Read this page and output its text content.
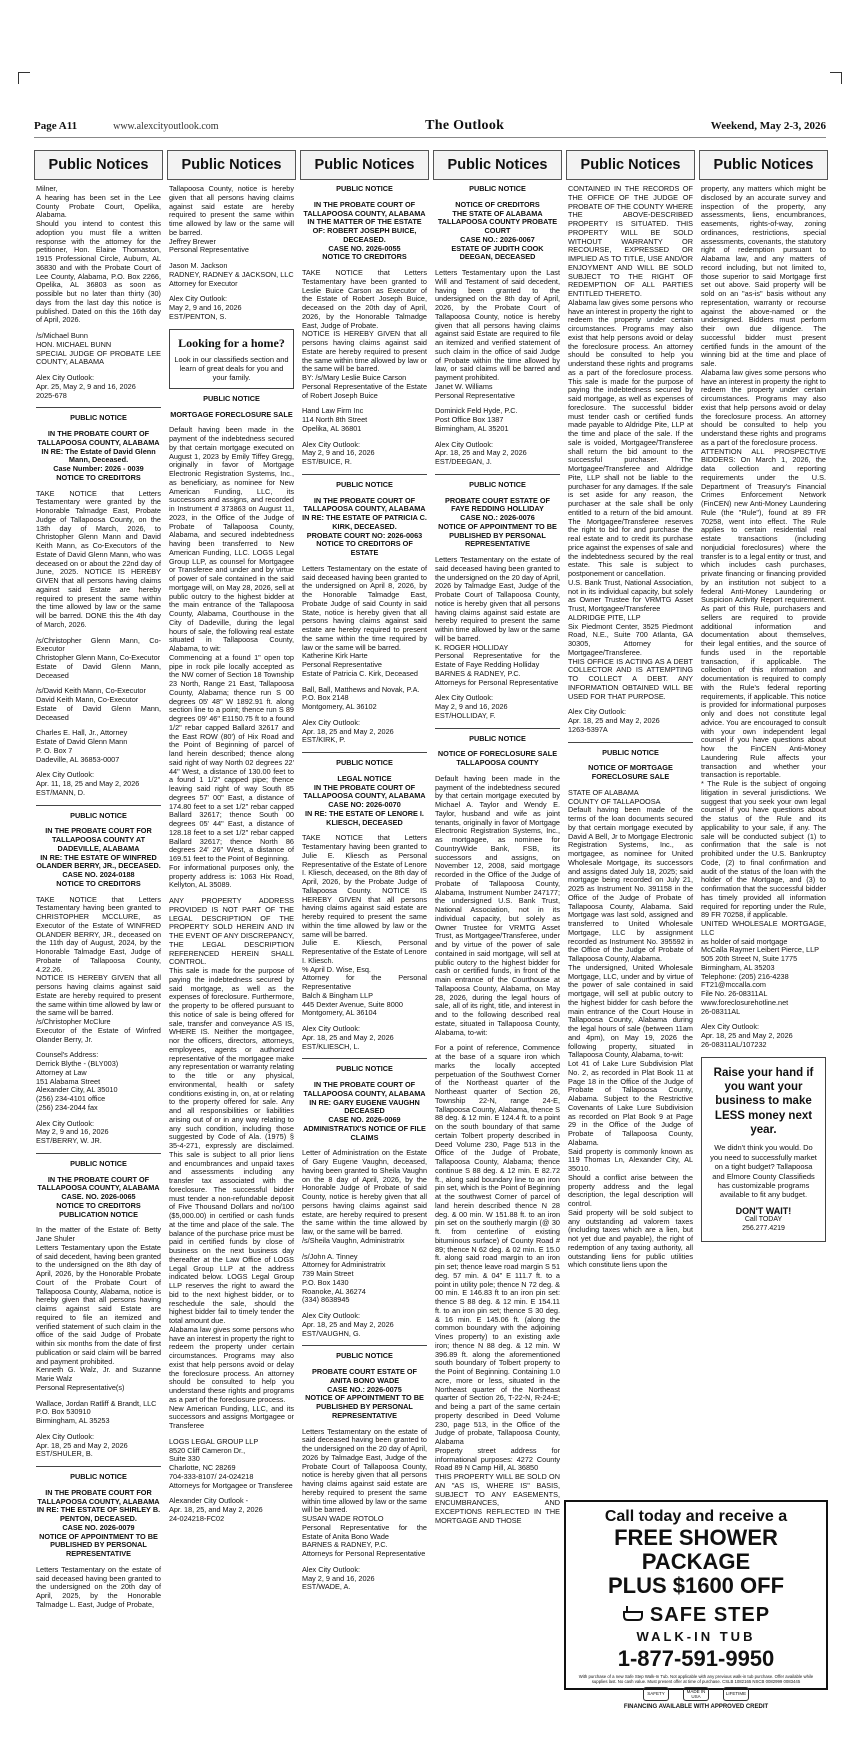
Page A11	www.alexcityoutlook.com	The Outlook	Weekend, May 2-3, 2026
Public Notices

Milner,
A hearing has been set in the Lee County Probate Court, Opelika, Alabama.
Should you intend to contest this adoption you must file a written response with the attorney for the petitioner, Hon. Elaine Thomaston, 1915 Professional Circle, Auburn, AL 36830 and with the Probate Court of Lee County, Alabama, P.O. Box 2266, Opelika, AL 36803 as soon as possible but no later than thirty (30) days from the last day this notice is published. Dated on this the 16th day of April, 2026.

/s/Michael Bunn
HON. MICHAEL BUNN
SPECIAL JUDGE OF PROBATE LEE COUNTY, ALABAMA

Alex City Outlook:
Apr. 25, May 2, 9 and 16, 2026
2025-678

PUBLIC NOTICE

IN THE PROBATE COURT OF TALLAPOOSA COUNTY, ALABAMA
IN RE: The Estate of David Glenn Mann, Deceased.
Case Number: 2026 - 0039
NOTICE TO CREDITORS

TAKE NOTICE that Letters Testamentary were granted by the Honorable Talmadge East, Probate Judge of Tallapoosa County, on the 13th day of March, 2026, to Christopher Glenn Mann and David Keith Mann, as Co-Executors of the Estate of David Glenn Mann, who was deceased on or about the 22nd day of June, 2025. NOTICE IS HEREBY GIVEN that all persons having claims against said Estate are hereby required to present the same within the time allowed by law or the same will be barred. DONE this the 4th day of March, 2026.

/s/Christopher Glenn Mann, Co-Executor
Christopher Glenn Mann, Co-Executor
Estate of David Glenn Mann, Deceased

/s/David Keith Mann, Co-Executor
David Keith Mann, Co-Executor
Estate of David Glenn Mann, Deceased

Charles E. Hall, Jr., Attorney
Estate of David Glenn Mann
P. O. Box 7
Dadeville, AL 36853-0007

Alex City Outlook:
Apr. 11, 18, 25 and May 2, 2026
EST/MANN, D.

PUBLIC NOTICE

IN THE PROBATE COURT FOR TALLAPOOSA COUNTY AT DADEVILLE, ALABAMA
IN RE: THE ESTATE OF WINFRED OLANDER BERRY, JR., DECEASED.
CASE NO. 2024-0188
NOTICE TO CREDITORS

TAKE NOTICE that Letters Testamentary having been granted to CHRISTOPHER MCCLURE, as Executor of the Estate of WINFRED OLANDER BERRY, JR., deceased on the 11th day of August, 2024, by the Honorable Talmadge East, Judge of Probate of Tallapoosa County, 4.22.26.
NOTICE IS HEREBY GIVEN that all persons having claims against said Estate are hereby required to present the same within time allowed by law or the same will be barred.
/s/Christopher McClure
Executor of the Estate of Winfred Olander Berry, Jr.

Counsel's Address:
Derrick Blythe - (BLY003)
Attorney at Law
151 Alabama Street
Alexander City, AL 35010
(256) 234-4101 office
(256) 234-2044 fax

Alex City Outlook:
May 2, 9 and 16, 2026
EST/BERRY, W. JR.

PUBLIC NOTICE

IN THE PROBATE COURT OF TALLAPOOSA COUNTY, ALABAMA
CASE. NO. 2026-0065
NOTICE TO CREDITORS
PUBLICATION NOTICE

In the matter of the Estate of: Betty Jane Shuler
Letters Testamentary upon the Estate of said decedent, having been granted to the undersigned on the 8th day of April, 2026, by the Honorable Probate Court of the Probate Court of Tallapoosa County, Alabama, notice is hereby given that all persons having claims against said Estate are required to file an itemized and verified statement of such claim in the office of the said Judge of Probate within six months from the date of first publication or said claim will be barred and payment prohibited.
Kenneth G. Walz, Jr. and Suzanne Marie Walz
Personal Representative(s)

Wallace, Jordan Ratliff & Brandt, LLC
P.O. Box 530910
Birmingham, AL 35253

Alex City Outlook:
Apr. 18, 25 and May 2, 2026
EST/SHULER, B.

PUBLIC NOTICE

IN THE PROBATE COURT FOR TALLAPOOSA COUNTY, ALABAMA
IN RE: THE ESTATE OF SHIRLEY B. PENTON, DECEASED.
CASE NO. 2026-0079
NOTICE OF APPOINTMENT TO BE PUBLISHED BY PERSONAL REPRESENTATIVE

Letters Testamentary on the estate of said deceased having been granted to the undersigned on the 20th day of April, 2025, by the Honorable Talmadge L. East, Judge of Probate,

Public Notices

Tallapoosa County, notice is hereby given that all persons having claims against said estate are hereby required to present the same within time allowed by law or the same will be barred.
Jeffrey Brewer
Personal Representative

Jason M. Jackson
RADNEY, RADNEY & JACKSON, LLC
Attorney for Executor

Alex City Outlook:
May 2, 9 and 16, 2026
EST/PENTON, S.

Looking for a home?
Look in our classifieds section and learn of great deals for you and your family.

PUBLIC NOTICE

MORTGAGE FORECLOSURE SALE

Default having been made in the payment of the indebtedness secured by that certain mortgage executed on August 1, 2023 by Emily Tiffey Gregg, originally in favor of Mortgage Electronic Registration Systems, Inc., as beneficiary, as nominee for New American Funding, LLC, its successors and assigns, and recorded in Instrument # 373863 on August 11, 2023, in the Office of the Judge of Probate of Tallapoosa County, Alabama, and secured indebtedness having been transferred to New American Funding, LLC. LOGS Legal Group LLP, as counsel for Mortgagee or Transferee and under and by virtue of power of sale contained in the said mortgage will, on May 28, 2026, sell at public outcry to the highest bidder at the main entrance of the Tallapoosa County, Alabama, Courthouse in the City of Dadeville, during the legal hours of sale, the following real estate situated in Tallapoosa County, Alabama, to wit:
Commencing at a found 1" open top pipe in rock pile locally accepted as the NW corner of Section 18 Township 23 North, Range 21 East, Tallapoosa County, Alabama; thence run S 00 degrees 05' 48" W 1892.91 ft. along section line to a point; thence run S 89 degrees 09' 46" E1150.75 ft to a found 1/2" rebar capped Ballard 32617 and the East ROW (80') of Hix Road and the Point of Beginning of parcel of land herein described; thence along said right of way North 02 degrees 22' 44" West, a distance of 130.00 feet to a found 1 1/2" capped pipe; thence leaving said right of way South 85 degrees 57' 00" East, a distance of 174.80 feet to a set 1/2" rebar capped Ballard 32617; thence South 00 degrees 05' 44" East, a distance of 128.18 feet to a set 1/2" rebar capped Ballard 32617; thence North 86 degrees 24' 26" West, a distance of 169.51 feet to the Point of Beginning.
For informational purposes only, the property address is: 1063 Hix Road, Kellyton, AL 35089.

ANY PROPERTY ADDRESS PROVIDED IS NOT PART OF THE LEGAL DESCRIPTION OF THE PROPERTY SOLD HEREIN AND IN THE EVENT OF ANY DISCREPANCY, THE LEGAL DESCRIPTION REFERENCED HEREIN SHALL CONTROL.
This sale is made for the purpose of paying the indebtedness secured by said mortgage, as well as the expenses of foreclosure. Furthermore, the property to be offered pursuant to this notice of sale is being offered for sale, transfer and conveyance AS IS, WHERE IS. Neither the mortgagee, nor the officers, directors, attorneys, employees, agents or authorized representative of the mortgagee make any representation or warranty relating to the title or any physical, environmental, health or safety conditions existing in, on, at or relating to the property offered for sale. Any and all responsibilities or liabilities arising out of or in any way relating to any such condition, including those suggested by Code of Ala. (1975) § 35-4-271, expressly are disclaimed. This sale is subject to all prior liens and encumbrances and unpaid taxes and assessments including any transfer tax associated with the foreclosure. The successful bidder must tender a non-refundable deposit of Five Thousand Dollars and no/100 ($5,000.00) in certified or cash funds at the time and place of the sale. The balance of the purchase price must be paid in certified funds by close of business on the next business day thereafter at the Law Office of LOGS Legal Group LLP at the address indicated below. LOGS Legal Group LLP reserves the right to award the bid to the next highest bidder, or to reschedule the sale, should the highest bidder fail to timely tender the total amount due.
Alabama law gives some persons who have an interest in property the right to redeem the property under certain circumstances. Programs may also exist that help persons avoid or delay the foreclosure process. An attorney should be consulted to help you understand these rights and programs as a part of the foreclosure process.
New American Funding, LLC, and its successors and assigns Mortgagee or Transferee

LOGS LEGAL GROUP LLP
8520 Cliff Cameron Dr.,
Suite 330
Charlotte, NC 28269
704-333-8107/ 24-024218
Attorneys for Mortgagee or Transferee

Alexander City Outlook -
Apr. 18, 25, and May 2, 2026
24-024218-FC02

Public Notices

PUBLIC NOTICE

IN THE PROBATE COURT OF TALLAPOOSA COUNTY, ALABAMA
IN THE MATTER OF THE ESTATE OF: ROBERT JOSEPH BUICE, DECEASED.
CASE NO. 2026-0055
NOTICE TO CREDITORS

TAKE NOTICE that Letters Testamentary have been granted to Leslie Buice Carson as Executor of the Estate of Robert Joseph Buice, deceased on the 20th day of April, 2026, by the Honorable Talmadge East, Judge of Probate.
NOTICE IS HEREBY GIVEN that all persons having claims against said Estate are hereby required to present the same within time allowed by law or the same will be barred.
BY: /s/Mary Leslie Buice Carson
Personal Representative of the Estate of Robert Joseph Buice

Hand Law Firm Inc
114 North 8th Street
Opelika, AL 36801

Alex City Outlook:
May 2, 9 and 16, 2026
EST/BUICE, R.

PUBLIC NOTICE

IN THE PROBATE COURT OF TALLAPOOSA COUNTY, ALABAMA
IN RE: THE ESTATE OF PATRICIA C. KIRK, DECEASED.
PROBATE COURT NO: 2026-0063
NOTICE TO CREDITORS OF ESTATE

Letters Testamentary on the estate of said deceased having been granted to the undersigned on April 8, 2026, by the Honorable Talmadge East, Probate Judge of said County in said State, notice is hereby given that all persons having claims against said estate are hereby required to present the same within the time required by law or the same will be barred.
Katherine Kirk Harte
Personal Representative
Estate of Patricia C. Kirk, Deceased

Ball, Ball, Matthews and Novak, P.A.
P.O. Box 2148
Montgomery, AL 36102

Alex City Outlook:
Apr. 18, 25 and May 2, 2026
EST/KIRK, P.

PUBLIC NOTICE

LEGAL NOTICE
IN THE PROBATE COURT OF TALLAPOOSA COUNTY, ALABAMA
CASE NO: 2026-0070
IN RE: THE ESTATE OF LENORE I. KLIESCH, DECEASED

TAKE NOTICE that Letters Testamentary having been granted to Julie E. Kliesch as Personal Representative of the Estate of Lenore I. Kliesch, deceased, on the 8th day of April, 2026, by the Probate Judge of Tallapoosa County. NOTICE IS HEREBY GIVEN that all persons having claims against said estate are hereby required to present the same within the time allowed by law or the same will be barred.
Julie E. Kliesch, Personal Representative of the Estate of Lenore I. Kliesch.
% April D. Wise, Esq.
Attorney for the Personal Representative
Balch & Bingham LLP
445 Dexter Avenue, Suite 8000
Montgomery, AL 36104

Alex City Outlook:
Apr. 18, 25 and May 2, 2026
EST/KLIESCH, L.

PUBLIC NOTICE

IN THE PROBATE COURT OF TALLAPOOSA COUNTY, ALABAMA
IN RE: GARY EUGENE VAUGHN DECEASED
CASE NO. 2026-0069
ADMINISTRATIX'S NOTICE OF FILE CLAIMS

Letter of Administration on the Estate of Gary Eugene Vaughn, deceased, having been granted to Sheila Vaughn on the 8 day of April, 2026, by the Honorable Judge of Probate of said County, notice is hereby given that all persons having claims against said estate, are hereby required to present the same within the time allowed by law, or the same will be barred.
/s/Sheila Vaughn, Administratrix

/s/John A. Tinney
Attorney for Administratrix
739 Main Street
P.O. Box 1430
Roanoke, AL 36274
(334) 8638945

Alex City Outlook:
Apr. 18, 25 and May 2, 2026
EST/VAUGHN, G.

PUBLIC NOTICE

PROBATE COURT ESTATE OF ANITA BONO WADE
CASE NO.: 2026-0075
NOTICE OF APPOINTMENT TO BE PUBLISHED BY PERSONAL REPRESENTATIVE

Letters Testamentary on the estate of said deceased having been granted to the undersigned on the 20 day of April, 2026 by Talmadge East, Judge of the Probate Court of Tallapoosa County, notice is hereby given that all persons having claims against said estate are hereby required to present the same within time allowed by law or the same will be barred.
SUSAN WADE ROTOLO
Personal Representative for the Estate of Anita Bono Wade
BARNES & RADNEY, P.C.
Attorneys for Personal Representative

Alex City Outlook:
May 2, 9 and 16, 2026
EST/WADE, A.

Public Notices

PUBLIC NOTICE

NOTICE OF CREDITORS
THE STATE OF ALABAMA TALLAPOOSA COUNTY PROBATE COURT
CASE NO.: 2026-0067
ESTATE OF JUDITH COOK DEEGAN, DECEASED

Letters Testamentary upon the Last Will and Testament of said decedent, having been granted to the undersigned on the 8th day of April, 2026, by the Probate Court of Tallapoosa County, notice is hereby given that all persons having claims against said Estate are required to file an itemized and verified statement of such claim in the office of said Judge of Probate within the time allowed by law, or said claims will be barred and payment prohibited.
Janet W. Williams
Personal Representative

Dominick Feld Hyde, P.C.
Post Office Box 1387
Birmingham, AL 35201

Alex City Outlook:
Apr. 18, 25 and May 2, 2026
EST/DEEGAN, J.

PUBLIC NOTICE

PROBATE COURT ESTATE OF FAYE REDDING HOLLIDAY
CASE NO.: 2026-0076
NOTICE OF APPOINTMENT TO BE PUBLISHED BY PERSONAL REPRESENTATIVE

Letters Testamentary on the estate of said deceased having been granted to the undersigned on the 20 day of April, 2026 by Talmadge East, Judge of the Probate Court of Tallapoosa County, notice is hereby given that all persons having claims against said estate are hereby required to present the same within time allowed by law or the same will be barred.
K. ROGER HOLLIDAY
Personal Representative for the Estate of Faye Redding Holliday
BARNES & RADNEY, P.C.
Attorneys for Personal Representative

Alex City Outlook:
May 2, 9 and 16, 2026
EST/HOLLIDAY, F.

PUBLIC NOTICE

NOTICE OF FORECLOSURE SALE
TALLAPOOSA COUNTY

Default having been made in the payment of the indebtedness secured by that certain mortgage executed by Michael A. Taylor and Wendy E. Taylor, husband and wife as joint tenants, originally in favor of Mortgage Electronic Registration Systems, Inc., as mortgagee, as nominee for CountryWide Bank, FSB, its successors and assigns, on November 12, 2008, said mortgage recorded in the Office of the Judge of Probate of Tallapoosa County, Alabama, Instrument Number 247177; the undersigned U.S. Bank Trust, National Association, not in its individual capacity, but solely as Owner Trustee for VRMTG Asset Trust, as Mortgagee/Transferee, under and by virtue of the power of sale contained in said mortgage, will sell at public outcry to the highest bidder for cash or certified funds, in front of the main entrance of the Courthouse at Tallapoosa County, Alabama, on May 28, 2026, during the legal hours of sale, all of its right, title, and interest in and to the following described real estate, situated in Tallapoosa County, Alabama, to-wit:

For a point of reference, Commence at the base of a square iron which marks the locally accepted perpetuation of the Southwest Corner of the Northeast quarter of the Northeast quarter of Section 26, Township 22-N, range 24-E, Tallapoosa County, Alabama, thence S 88 deg. & 12 min. E 124.4 ft. to a point on the south boundary of that same certain Tolbert property described in Deed Volume 230, Page 513 in the Office of the Judge of Probate, Tallapoosa County, Alabama; thence continue S 88 deg. & 12 min. E 82.72 ft., along said boundary line to an iron pin set, which is the Point of Beginning at the southwest Corner of parcel of land herein described thence N 28 deg. & 00 min. W 151.88 ft. to an iron pin set on the southerly margin (@ 30 ft. from centerline of existing bituminous surface) of County Road # 89; thence N 62 deg. & 02 min. E 15.0 ft. along said road margin to an iron pin set; thence leave road margin S 51 deg. 57 min. & 04" E 111.7 ft. to a point in utility pole; thence N 72 deg. & 00 min. E 146.83 ft to an iron pin set: thence S 88 deg. & 12 min. E 154.11 ft. to an iron pin set; thence S 30 deg. & 16 min. E 145.06 ft. (along the common boundary with the adjoining Vines property) to an existing axle iron; thence N 88 deg. & 12 min. W 396.89 ft. along the aforementioned south boundary of Tolbert property to the Point of Beginning. Containing 1.0 acre, more or less, situated in the Northeast quarter of the Northeast quarter of Section 26, T-22-N, R-24-E; and being a part of the same certain property described in Deed Volume 230, page 513, in the Office of the Judge of probate, Tallapoosa County, Alabama
Property street address for informational purposes: 4272 County Road 89 N Camp Hill, AL 36850
THIS PROPERTY WILL BE SOLD ON AN "AS IS, WHERE IS" BASIS, SUBJECT TO ANY EASEMENTS, ENCUMBRANCES, AND EXCEPTIONS REFLECTED IN THE MORTGAGE AND THOSE

Public Notices

CONTAINED IN THE RECORDS OF THE OFFICE OF THE JUDGE OF PROBATE OF THE COUNTY WHERE THE ABOVE-DESCRIBED PROPERTY IS SITUATED. THIS PROPERTY WILL BE SOLD WITHOUT WARRANTY OR RECOURSE, EXPRESSED OR IMPLIED AS TO TITLE, USE AND/OR ENJOYMENT AND WILL BE SOLD SUBJECT TO THE RIGHT OF REDEMPTION OF ALL PARTIES ENTITLED THERETO.
Alabama law gives some persons who have an interest in property the right to redeem the property under certain circumstances. Programs may also exist that help persons avoid or delay the foreclosure process. An attorney should be consulted to help you understand these rights and programs as a part of the foreclosure process. This sale is made for the purpose of paying the indebtedness secured by said mortgage, as well as expenses of foreclosure. The successful bidder must tender cash or certified funds made payable to Aldridge Pite, LLP at the time and place of the sale. If the sale is voided, Mortgagee/Transferee shall return the bid amount to the successful purchaser. The Mortgagee/Transferee and Aldridge Pite, LLP shall not be liable to the purchaser for any damages. If the sale is set aside for any reason, the purchaser at the sale shall be only entitled to a return of the bid amount. The Mortgagee/Transferee reserves the right to bid for and purchase the real estate and to credit its purchase price against the expenses of sale and the indebtedness secured by the real estate. This sale is subject to postponement or cancellation.
U.S. Bank Trust, National Association, not in its individual capacity, but solely as Owner Trustee for VRMTG Asset Trust, Mortgagee/Transferee
ALDRIDGE PITE, LLP
Six Piedmont Center, 3525 Piedmont Road, N.E., Suite 700 Atlanta, GA 30305, Attorney for Mortgagee/Transferee.
THIS OFFICE IS ACTING AS A DEBT COLLECTOR AND IS ATTEMPTING TO COLLECT A DEBT. ANY INFORMATION OBTAINED WILL BE USED FOR THAT PURPOSE.

Alex City Outlook:
Apr. 18, 25 and May 2, 2026
1263-5397A

PUBLIC NOTICE

NOTICE OF MORTGAGE FORECLOSURE SALE

STATE OF ALABAMA
COUNTY OF TALLAPOOSA
Default having been made of the terms of the loan documents secured by that certain mortgage executed by David A Bell, Jr to Mortgage Electronic Registration Systems, Inc., as mortgagee, as nominee for United Wholesale Mortgage, its successors and assigns dated July 18, 2025; said mortgage being recorded on July 21, 2025 as Instrument No. 391158 in the Office of the Judge of Probate of Tallapoosa County, Alabama. Said Mortgage was last sold, assigned and transferred to United Wholesale Mortgage, LLC by assignment recorded as Instrument No. 395592 in the Office of the Judge of Probate of Tallapoosa County, Alabama.
The undersigned, United Wholesale Mortgage, LLC, under and by virtue of the power of sale contained in said mortgage, will sell at public outcry to the highest bidder for cash before the main entrance of the Court House in Tallapoosa County, Alabama during the legal hours of sale (between 11am and 4pm), on May 19, 2026 the following property, situated in Tallapoosa County, Alabama, to-wit:
Lot 41 of Lake Lure Subdivision Plat No. 2, as recorded in Plat Book 11 at Page 18 in the Office of the Judge of Probate of Tallapoosa County, Alabama. Subject to the Restrictive Covenants of Lake Lure Subdivision as recorded on Plat Book 9 at Page 29 in the Office of the Judge of Probate of Tallapoosa County, Alabama.
Said property is commonly known as 119 Thomas Ln, Alexander City, AL 35010.
Should a conflict arise between the property address and the legal description, the legal description will control.
Said property will be sold subject to any outstanding ad valorem taxes (including taxes which are a lien, but not yet due and payable), the right of redemption of any taxing authority, all outstanding liens for public utilities which constitute liens upon the

Public Notices

property, any matters which might be disclosed by an accurate survey and inspection of the property, any assessments, liens, encumbrances, easements, rights-of-way, zoning ordinances, restrictions, special assessments, covenants, the statutory right of redemption pursuant to Alabama law, and any matters of record including, but not limited to, those superior to said Mortgage first set out above. Said property will be sold on an "as-is" basis without any representation, warranty or recourse against the above-named or the undersigned. Bidders must perform their own due diligence. The successful bidder must present certified funds in the amount of the winning bid at the time and place of sale.
Alabama law gives some persons who have an interest in property the right to redeem the property under certain circumstances. Programs may also exist that help persons avoid or delay the foreclosure process. An attorney should be consulted to help you understand these rights and programs as a part of the foreclosure process.
ATTENTION ALL PROSPECTIVE BIDDERS: On March 1, 2026, the data collection and reporting requirements under the U.S. Department of Treasury's Financial Crimes Enforcement Network (FinCEN) new Anti-Money Laundering Rule (the "Rule"), found at 89 FR 70258, went into effect. The Rule applies to certain residential real estate transactions (including nonjudicial foreclosures) where the transfer is to a legal entity or trust, and which includes cash purchases, private financing or financing provided by an institution not subject to a federal Anti-Money Laundering or Suspicion Activity Report requirement. As part of this Rule, purchasers and sellers are required to provide additional information and documentation about themselves, their legal entities, and the source of funds used in the reportable transaction, if applicable. The collection of this information and documentation is required to comply with the Rule's federal reporting requirements, if applicable. This notice is provided for informational purposes only and does not constitute legal advice. You are encouraged to consult with your own independent legal counsel if you have questions about how the FinCEN Anti-Money Laundering Rule affects your transaction and whether your transaction is reportable.
* The Rule is the subject of ongoing litigation in several jurisdictions. We suggest that you seek your own legal counsel if you have questions about the status of the Rule and its applicability to your sale, if any. The sale will be conducted subject (1) to confirmation that the sale is not prohibited under the U.S. Bankruptcy Code, (2) to final confirmation and audit of the status of the loan with the holder of the Mortgage, and (3) to confirmation that the successful bidder has timely provided all information required for reporting under the Rule, 89 FR 70258, if applicable.
UNITED WHOLESALE MORTGAGE, LLC
as holder of said mortgage
McCalla Raymer Leibert Pierce, LLP
505 20th Street N, Suite 1775
Birmingham, AL 35203
Telephone: (205) 216-4238
FT21@mccalla.com
File No. 26-08311AL
www.foreclosurehotline.net
26-08311AL

Alex City Outlook:
Apr. 18, 25 and May 2, 2026
26-08311AL/107232

Raise your hand if you want your business to make LESS money next year.
We didn't think you would. Do you need to successfully market on a tight budget? Tallapoosa and Elmore County Classifieds has customizable programs available to fit any budget.
DON'T WAIT!
Call TODAY
256.277.4219
Call today and receive a
FREE SHOWER PACKAGE
PLUS $1600 OFF
SAFE STEP
WALK-IN TUB
1-877-591-9950
With purchase of a new Safe Step Walk-In Tub. Not applicable with any previous walk-in tub purchase. Offer available while supplies last. No cash value. Must present offer at time of purchase. CSLB 1082165 NSCB 0082999 0083445
SAFETY	MADE IN USA	LIFETIME
FINANCING AVAILABLE WITH APPROVED CREDIT
